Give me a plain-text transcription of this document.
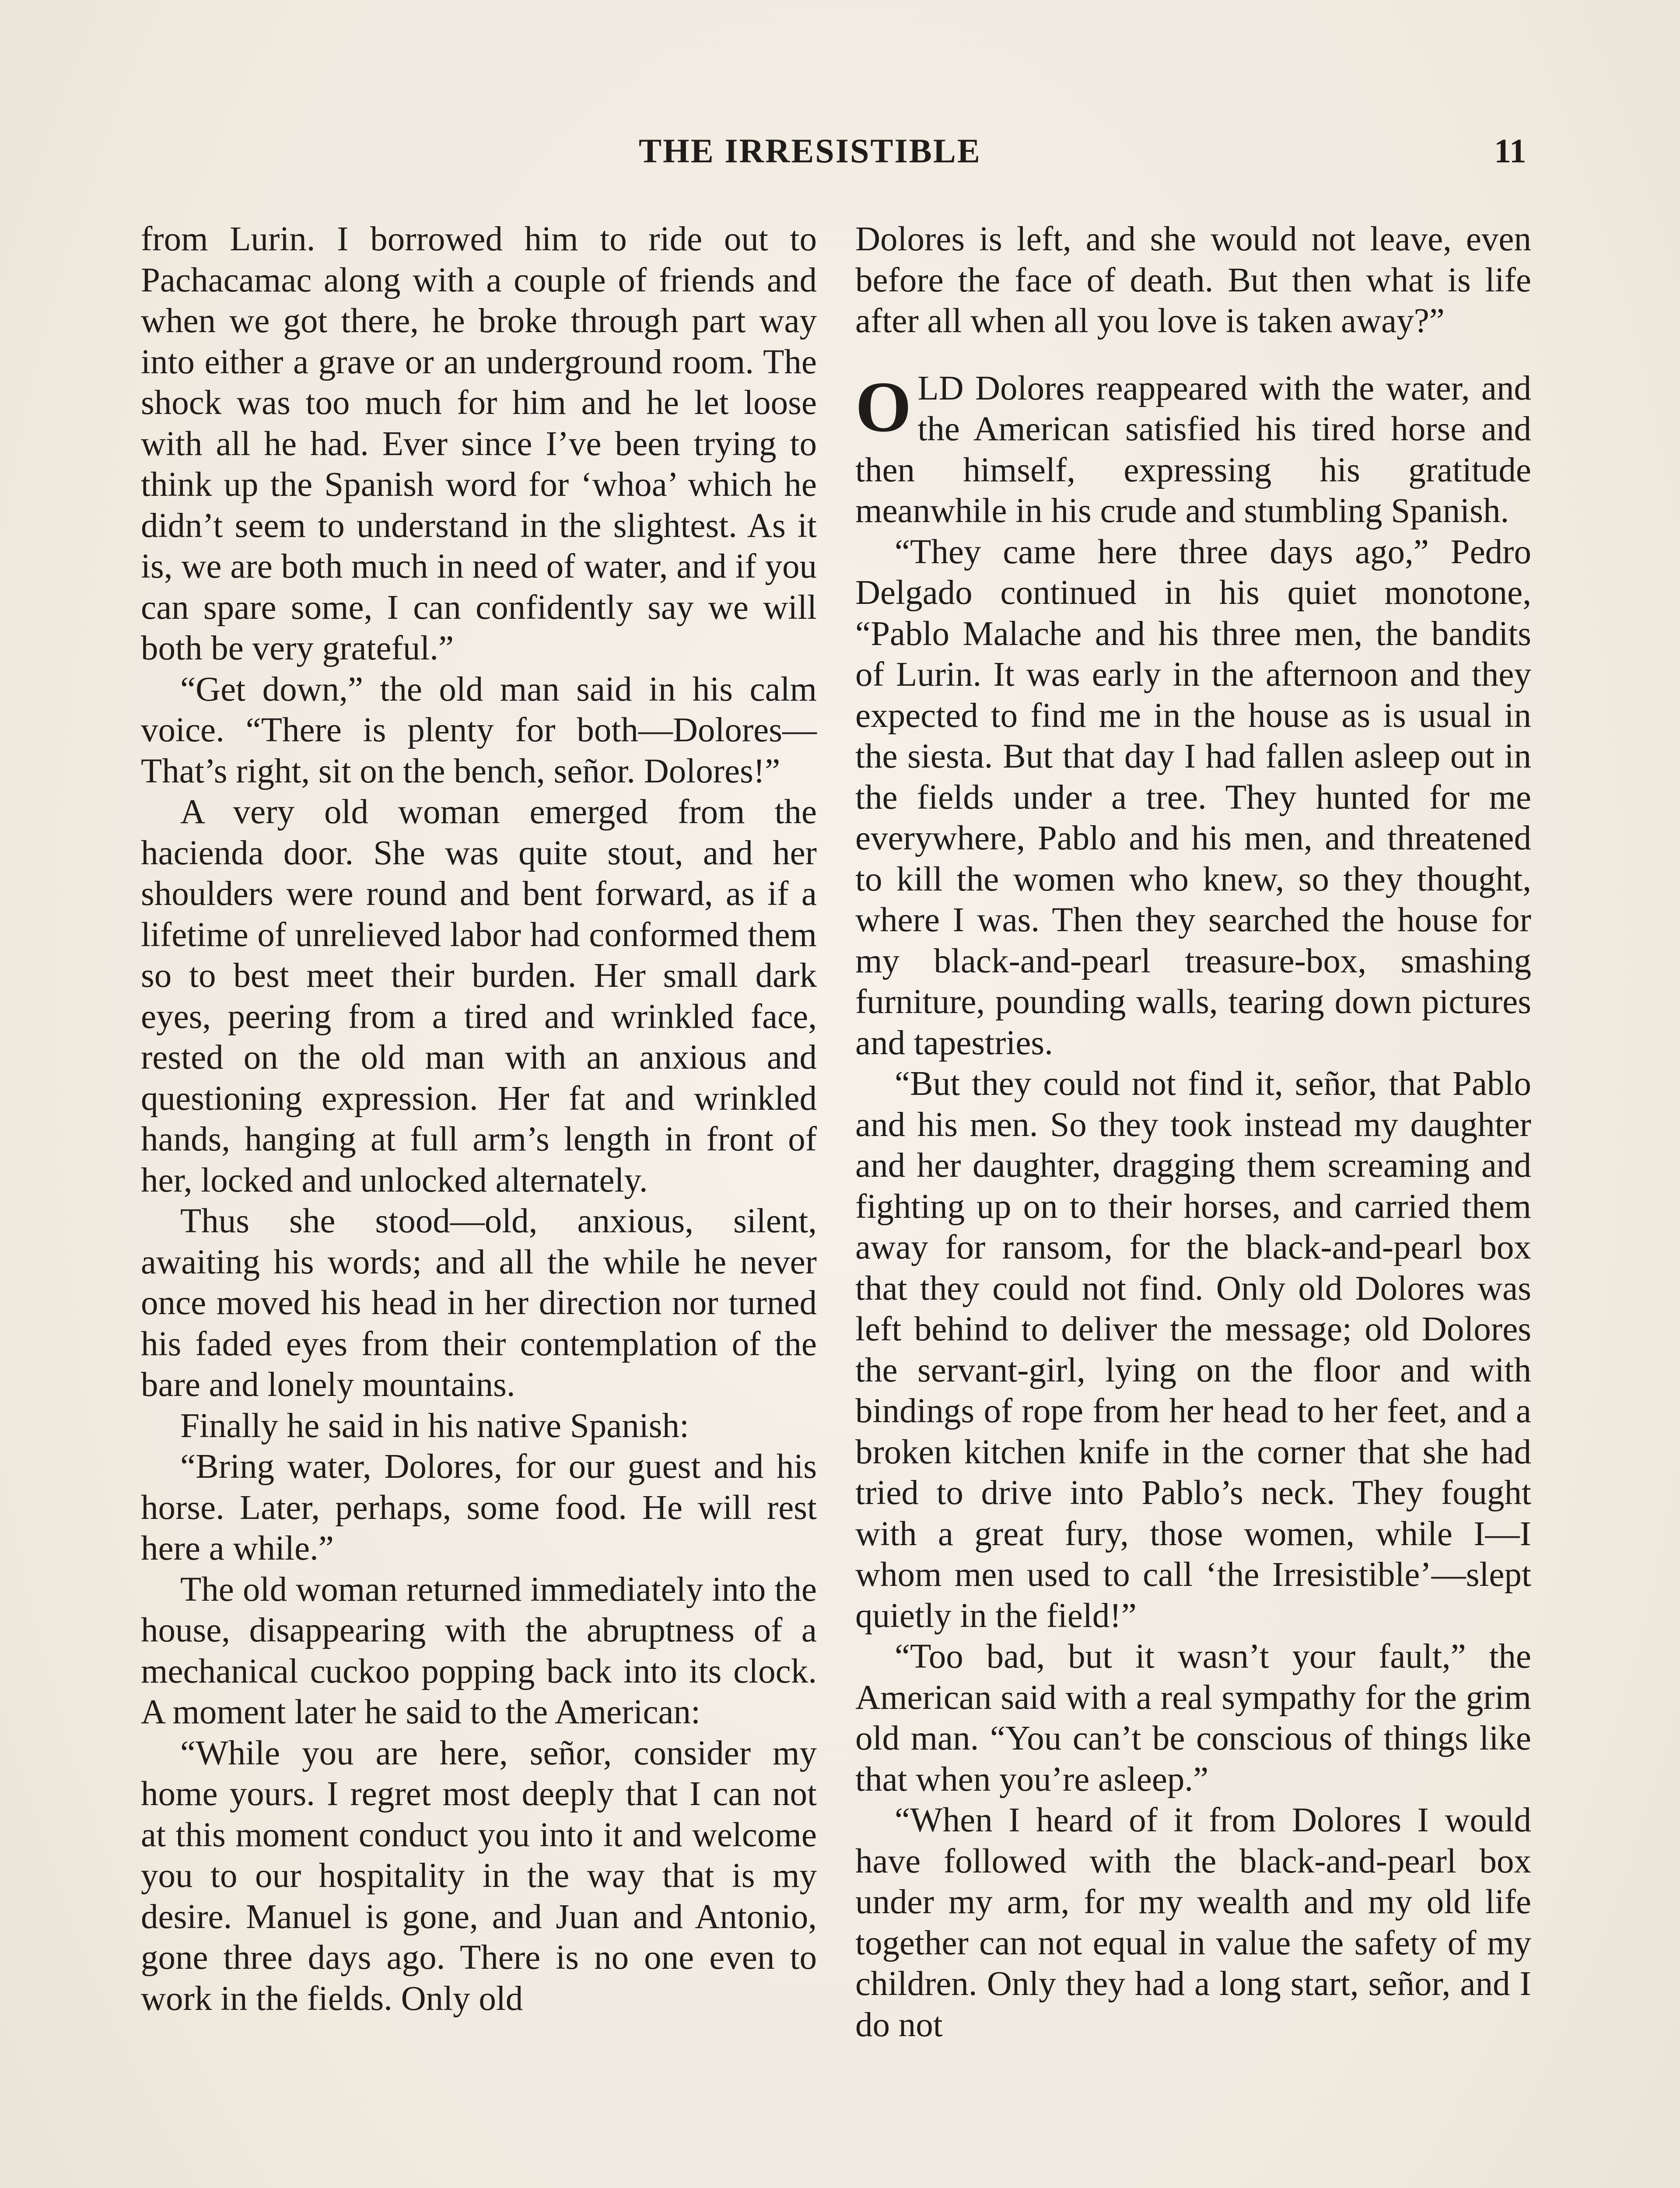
THE IRRESISTIBLE	11

from Lurin. I borrowed him to ride out to Pachacamac along with a couple of friends and when we got there, he broke through part way into either a grave or an underground room. The shock was too much for him and he let loose with all he had. Ever since I’ve been trying to think up the Spanish word for ‘whoa’ which he didn’t seem to understand in the slightest. As it is, we are both much in need of water, and if you can spare some, I can confidently say we will both be very grateful.”

“Get down,” the old man said in his calm voice. “There is plenty for both—Dolores— That’s right, sit on the bench, señor. Dolores!”

A very old woman emerged from the hacienda door. She was quite stout, and her shoulders were round and bent forward, as if a lifetime of unrelieved labor had conformed them so to best meet their burden. Her small dark eyes, peering from a tired and wrinkled face, rested on the old man with an anxious and questioning expression. Her fat and wrinkled hands, hanging at full arm’s length in front of her, locked and unlocked alternately.

Thus she stood—old, anxious, silent, awaiting his words; and all the while he never once moved his head in her direction nor turned his faded eyes from their contemplation of the bare and lonely mountains.

Finally he said in his native Spanish:

“Bring water, Dolores, for our guest and his horse. Later, perhaps, some food. He will rest here a while.”

The old woman returned immediately into the house, disappearing with the abruptness of a mechanical cuckoo popping back into its clock. A moment later he said to the American:

“While you are here, señor, consider my home yours. I regret most deeply that I can not at this moment conduct you into it and welcome you to our hospitality in the way that is my desire. Manuel is gone, and Juan and Antonio, gone three days ago. There is no one even to work in the fields. Only old

Dolores is left, and she would not leave, even before the face of death. But then what is life after all when all you love is taken away?”

OLD Dolores reappeared with the water, and the American satisfied his tired horse and then himself, expressing his gratitude meanwhile in his crude and stumbling Spanish.

“They came here three days ago,” Pedro Delgado continued in his quiet monotone, “Pablo Malache and his three men, the bandits of Lurin. It was early in the afternoon and they expected to find me in the house as is usual in the siesta. But that day I had fallen asleep out in the fields under a tree. They hunted for me everywhere, Pablo and his men, and threatened to kill the women who knew, so they thought, where I was. Then they searched the house for my black-and-pearl treasure-box, smashing furniture, pounding walls, tearing down pictures and tapestries.

“But they could not find it, señor, that Pablo and his men. So they took instead my daughter and her daughter, dragging them screaming and fighting up on to their horses, and carried them away for ransom, for the black-and-pearl box that they could not find. Only old Dolores was left behind to deliver the message; old Dolores the servant-girl, lying on the floor and with bindings of rope from her head to her feet, and a broken kitchen knife in the corner that she had tried to drive into Pablo’s neck. They fought with a great fury, those women, while I—I whom men used to call ‘the Irresistible’—slept quietly in the field!”

“Too bad, but it wasn’t your fault,” the American said with a real sympathy for the grim old man. “You can’t be conscious of things like that when you’re asleep.”

“When I heard of it from Dolores I would have followed with the black-and-pearl box under my arm, for my wealth and my old life together can not equal in value the safety of my children. Only they had a long start, señor, and I do not
